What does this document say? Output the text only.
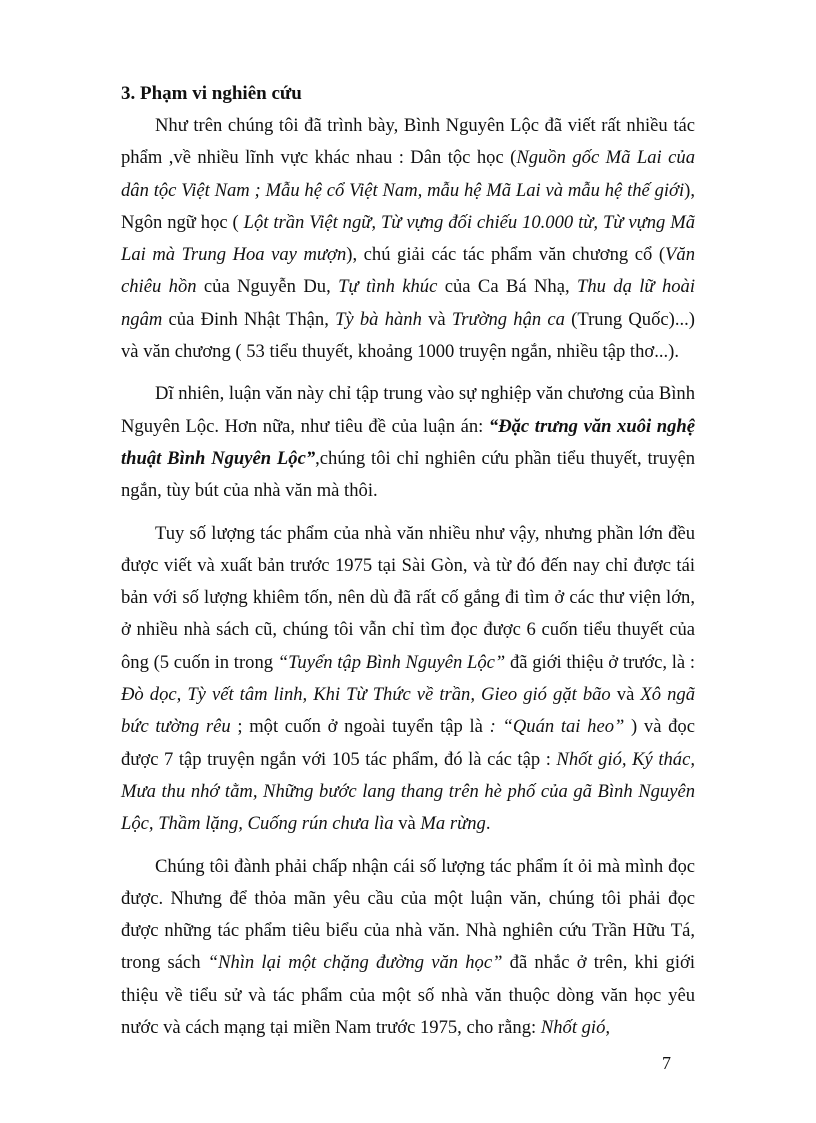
3. Phạm vi nghiên cứu

Như trên chúng tôi đã trình bày, Bình Nguyên Lộc đã viết rất nhiều tác phẩm ,về nhiều lĩnh vực khác nhau : Dân tộc học (Nguồn gốc Mã Lai của dân tộc Việt Nam ; Mẫu hệ cổ Việt Nam, mẫu hệ Mã Lai và mẫu hệ thế giới), Ngôn ngữ học ( Lột trần Việt ngữ, Từ vựng đối chiếu 10.000 từ, Từ vựng Mã Lai mà Trung Hoa vay mượn), chú giải các tác phẩm văn chương cổ (Văn chiêu hồn của Nguyễn Du, Tự tình khúc của Ca Bá Nhạ, Thu dạ lữ hoài ngâm của Đinh Nhật Thận, Tỳ bà hành và Trường hận ca (Trung Quốc)...) và văn chương ( 53 tiểu thuyết, khoảng 1000 truyện ngắn, nhiều tập thơ...).

Dĩ nhiên, luận văn này chỉ tập trung vào sự nghiệp văn chương của Bình Nguyên Lộc. Hơn nữa, như tiêu đề của luận án: “Đặc trưng văn xuôi nghệ thuật Bình Nguyên Lộc”,chúng tôi chỉ nghiên cứu phần tiểu thuyết, truyện ngắn, tùy bút của nhà văn mà thôi.

Tuy số lượng tác phẩm của nhà văn nhiều như vậy, nhưng phần lớn đều được viết và xuất bản trước 1975 tại Sài Gòn, và từ đó đến nay chỉ được tái bản với số lượng khiêm tốn, nên dù đã rất cố gắng đi tìm ở các thư viện lớn, ở nhiều nhà sách cũ, chúng tôi vẫn chỉ tìm đọc được 6 cuốn tiểu thuyết của ông (5 cuốn in trong “Tuyển tập Bình Nguyên Lộc” đã giới thiệu ở trước, là : Đò dọc, Tỳ vết tâm linh, Khi Từ Thức về trần, Gieo gió gặt bão và Xô ngã bức tường rêu ; một cuốn ở ngoài tuyển tập là : “Quán tai heo” ) và đọc được 7 tập truyện ngắn với 105 tác phẩm, đó là các tập : Nhốt gió, Ký thác, Mưa thu nhớ tằm, Những bước lang thang trên hè phố của gã Bình Nguyên Lộc, Thầm lặng, Cuống rún chưa lìa và Ma rừng.

Chúng tôi đành phải chấp nhận cái số lượng tác phẩm ít ỏi mà mình đọc được. Nhưng để thỏa mãn yêu cầu của một luận văn, chúng tôi phải đọc được những tác phẩm tiêu biểu của nhà văn. Nhà nghiên cứu Trần Hữu Tá, trong sách “Nhìn lại một chặng đường văn học” đã nhắc ở trên, khi giới thiệu về tiểu sử và tác phẩm của một số nhà văn thuộc dòng văn học yêu nước và cách mạng tại miền Nam trước 1975, cho rằng: Nhốt gió,

7
